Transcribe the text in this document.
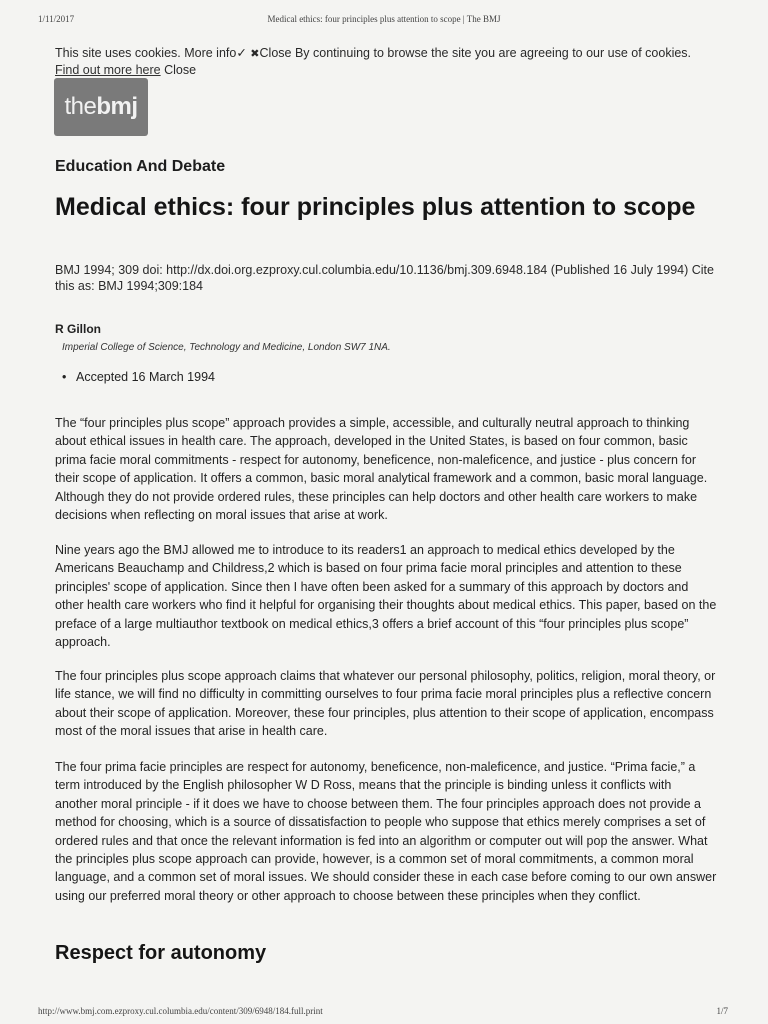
1/11/2017	Medical ethics: four principles plus attention to scope | The BMJ
This site uses cookies. More info✓ ✖Close By continuing to browse the site you are agreeing to our use of cookies. Find out more here Close
thebmj
Education And Debate
Medical ethics: four principles plus attention to scope
BMJ 1994; 309 doi: http://dx.doi.org.ezproxy.cul.columbia.edu/10.1136/bmj.309.6948.184 (Published 16 July 1994) Cite this as: BMJ 1994;309:184
R Gillon
Imperial College of Science, Technology and Medicine, London SW7 1NA.
• Accepted 16 March 1994

The “four principles plus scope” approach provides a simple, accessible, and culturally neutral approach to thinking about ethical issues in health care. The approach, developed in the United States, is based on four common, basic prima facie moral commitments - respect for autonomy, beneficence, non-maleficence, and justice - plus concern for their scope of application. It offers a common, basic moral analytical framework and a common, basic moral language. Although they do not provide ordered rules, these principles can help doctors and other health care workers to make decisions when reflecting on moral issues that arise at work.

Nine years ago the BMJ allowed me to introduce to its readers1 an approach to medical ethics developed by the Americans Beauchamp and Childress,2 which is based on four prima facie moral principles and attention to these principles' scope of application. Since then I have often been asked for a summary of this approach by doctors and other health care workers who find it helpful for organising their thoughts about medical ethics. This paper, based on the preface of a large multiauthor textbook on medical ethics,3 offers a brief account of this “four principles plus scope” approach.

The four principles plus scope approach claims that whatever our personal philosophy, politics, religion, moral theory, or life stance, we will find no difficulty in committing ourselves to four prima facie moral principles plus a reflective concern about their scope of application. Moreover, these four principles, plus attention to their scope of application, encompass most of the moral issues that arise in health care.

The four prima facie principles are respect for autonomy, beneficence, non-maleficence, and justice. “Prima facie,” a term introduced by the English philosopher W D Ross, means that the principle is binding unless it conflicts with another moral principle - if it does we have to choose between them. The four principles approach does not provide a method for choosing, which is a source of dissatisfaction to people who suppose that ethics merely comprises a set of ordered rules and that once the relevant information is fed into an algorithm or computer out will pop the answer. What the principles plus scope approach can provide, however, is a common set of moral commitments, a common moral language, and a common set of moral issues. We should consider these in each case before coming to our own answer using our preferred moral theory or other approach to choose between these principles when they conflict.

Respect for autonomy
http://www.bmj.com.ezproxy.cul.columbia.edu/content/309/6948/184.full.print	1/7
